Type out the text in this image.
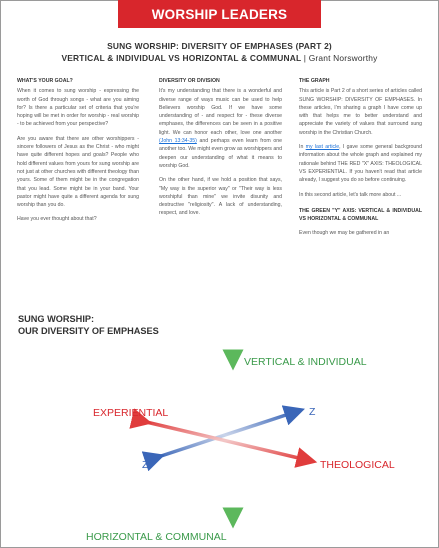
WORSHIP LEADERS
SUNG WORSHIP: DIVERSITY OF EMPHASES (PART 2)
VERTICAL & INDIVIDUAL VS HORIZONTAL & COMMUNAL | Grant Norsworthy
WHAT'S YOUR GOAL?

When it comes to sung worship - expressing the worth of God through songs - what are you aiming for? Is there a particular set of criteria that you're hoping will be met in order for worship - real worship - to be achieved from your perspective?

Are you aware that there are other worshippers - sincere followers of Jesus as the Christ - who might have quite different hopes and goals? People who hold different values from yours for sung worship are not just at other churches with different theology than yours. Some of them might be in the congregation that you lead. Some might be in your band. Your pastor might have quite a different agenda for sung worship than you do.

Have you ever thought about that?

DIVERSITY OR DIVISION

It's my understanding that there is a wonderful and diverse range of ways music can be used to help Believers worship God. If we have some understanding of - and respect for - these diverse emphases, the differences can be seen in a positive light. We can honor each other, love one another (John 13:34-35) and perhaps even learn from one another too. We might even grow as worshippers and deepen our understanding of what it means to worship God.

On the other hand, if we hold a position that says, "My way is the superior way" or "Their way is less worshipful than mine" we invite disunity and destructive "religiosity". A lack of understanding, respect, and love.

THE GRAPH

This article is Part 2 of a short series of articles called SUNG WORSHIP: DIVERSITY OF EMPHASES. In these articles, I'm sharing a graph I have come up with that helps me to better understand and appreciate the variety of values that surround sung worship in the Christian Church.

In my last article, I gave some general background information about the whole graph and explained my rationale behind THE RED "X" AXIS: THEOLOGICAL VS EXPERIENTIAL. If you haven't read that article already, I suggest you do so before continuing.

In this second article, let's talk more about ...

THE GREEN "Y" AXIS: VERTICAL & INDIVIDUAL VS HORIZONTAL & COMMUNAL

Even though we may be gathered in an

SUNG WORSHIP:
OUR DIVERSITY OF EMPHASES
VERTICAL & INDIVIDUAL
HORIZONTAL & COMMUNAL
EXPERIENTIAL
THEOLOGICAL
Z
Z
